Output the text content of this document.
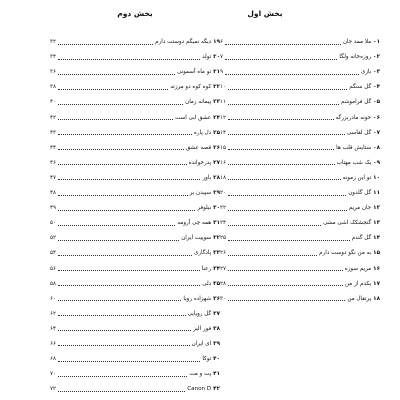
بخش اول
۰۱
ملا ممد جان
۶
۰۲
روزه‌خانه ولگا
۷
۰۳
بازی
۹
۰۴
گل سنگم
۱۰
۰۵
گل فراموشم
۱۱
۰۶
خونه مادربزرگه
۱۲
۰۷
گل لقاسی
۱۴
۰۸
ستایش قلب ها
۱۵
۰۹
یک شب مهتاب
۱۶
۱۰
تو این زمونه
۱۸
۱۱
گل گلدون
۲۰
۱۲
جان مریم
۲۲
۱۳
گنجشکک اشی مشی
۲۴
۱۴
گل گندم
۲۵
۱۵
به من نگو دوست دارم
۲۶
۱۶
مریم سوزه
۲۷
۱۷
یکدم از من
۲۸
۱۸
پرتقال من
۳۰
بخش دوم
۱۹
دیگه نمیگم دوستت دارم
۳۲
۲۰
تولد
۳۴
۲۱
تو ماه آسمونی
۳۶
۲۲
کوه کوه دو مرزته
۳۸
۲۳
پیمانه زمان
۴۰
۲۴
عشق ابی است
۴۲
۲۵
دل پاره
۴۳
۲۶
قصه عشق
۴۴
۲۷
پدرخوانده
۴۶
۲۸
باور
۴۷
۲۹
سپیدن بر
۴۸
۳۰
نیلوفر
۴۹
۳۱
همه چی آرومه
۵۰
۳۲
سوییت ایران
۵۲
۳۳
پادگاری
۵۴
۳۴
رعنا
۵۶
۳۵
دلی
۵۸
۳۶
شهزاده رویا
۶۰
۳۷
گل رویایی
۶۲
۳۸
فور الیز
۶۴
۳۹
ای ایران
۶۶
۴۰
توکا
۶۸
۴۱
پت و مت
۷۰
۴۲
Canon D
۷۲
